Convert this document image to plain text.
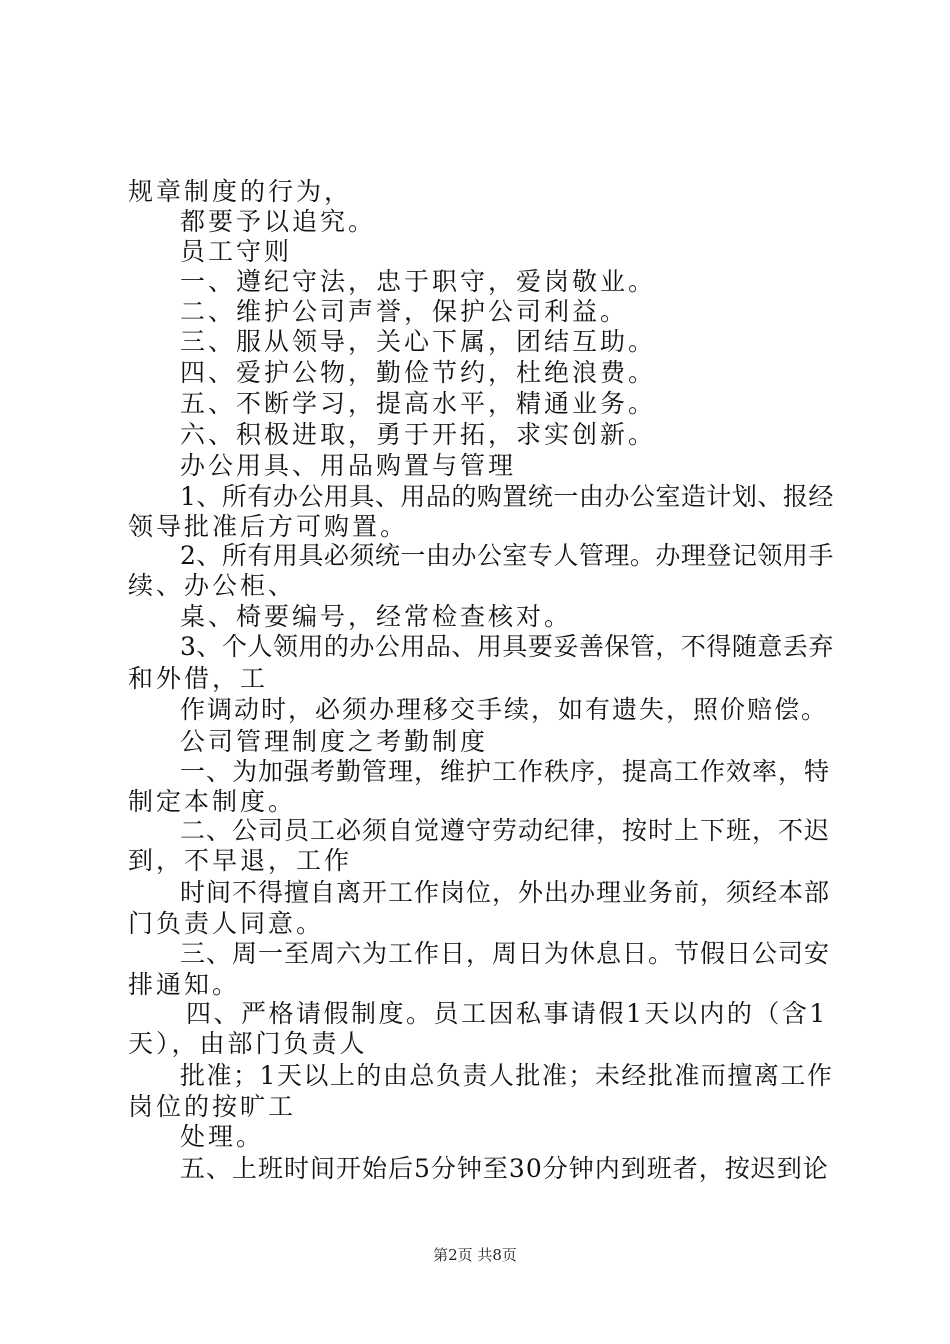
规章制度的行为，
都要予以追究。
员工守则
一、遵纪守法，忠于职守，爱岗敬业。
二、维护公司声誉，保护公司利益。
三、服从领导，关心下属，团结互助。
四、爱护公物，勤俭节约，杜绝浪费。
五、不断学习，提高水平，精通业务。
六、积极进取，勇于开拓，求实创新。
办公用具、用品购置与管理
1、所有办公用具、用品的购置统一由办公室造计划、报经
领导批准后方可购置。
2、所有用具必须统一由办公室专人管理。办理登记领用手
续、办公柜、
桌、椅要编号，经常检查核对。
3、个人领用的办公用品、用具要妥善保管，不得随意丢弃
和外借，工
作调动时，必须办理移交手续，如有遗失，照价赔偿。
公司管理制度之考勤制度
一、为加强考勤管理，维护工作秩序，提高工作效率，特
制定本制度。
二、公司员工必须自觉遵守劳动纪律，按时上下班，不迟
到，不早退，工作
时间不得擅自离开工作岗位，外出办理业务前，须经本部
门负责人同意。
三、周一至周六为工作日，周日为休息日。节假日公司安
排通知。
四、严格请假制度。员工因私事请假1天以内的（含1
天），由部门负责人
批准；1天以上的由总负责人批准；未经批准而擅离工作
岗位的按旷工
处理。
五、上班时间开始后5分钟至30分钟内到班者，按迟到论
第2页 共8页
